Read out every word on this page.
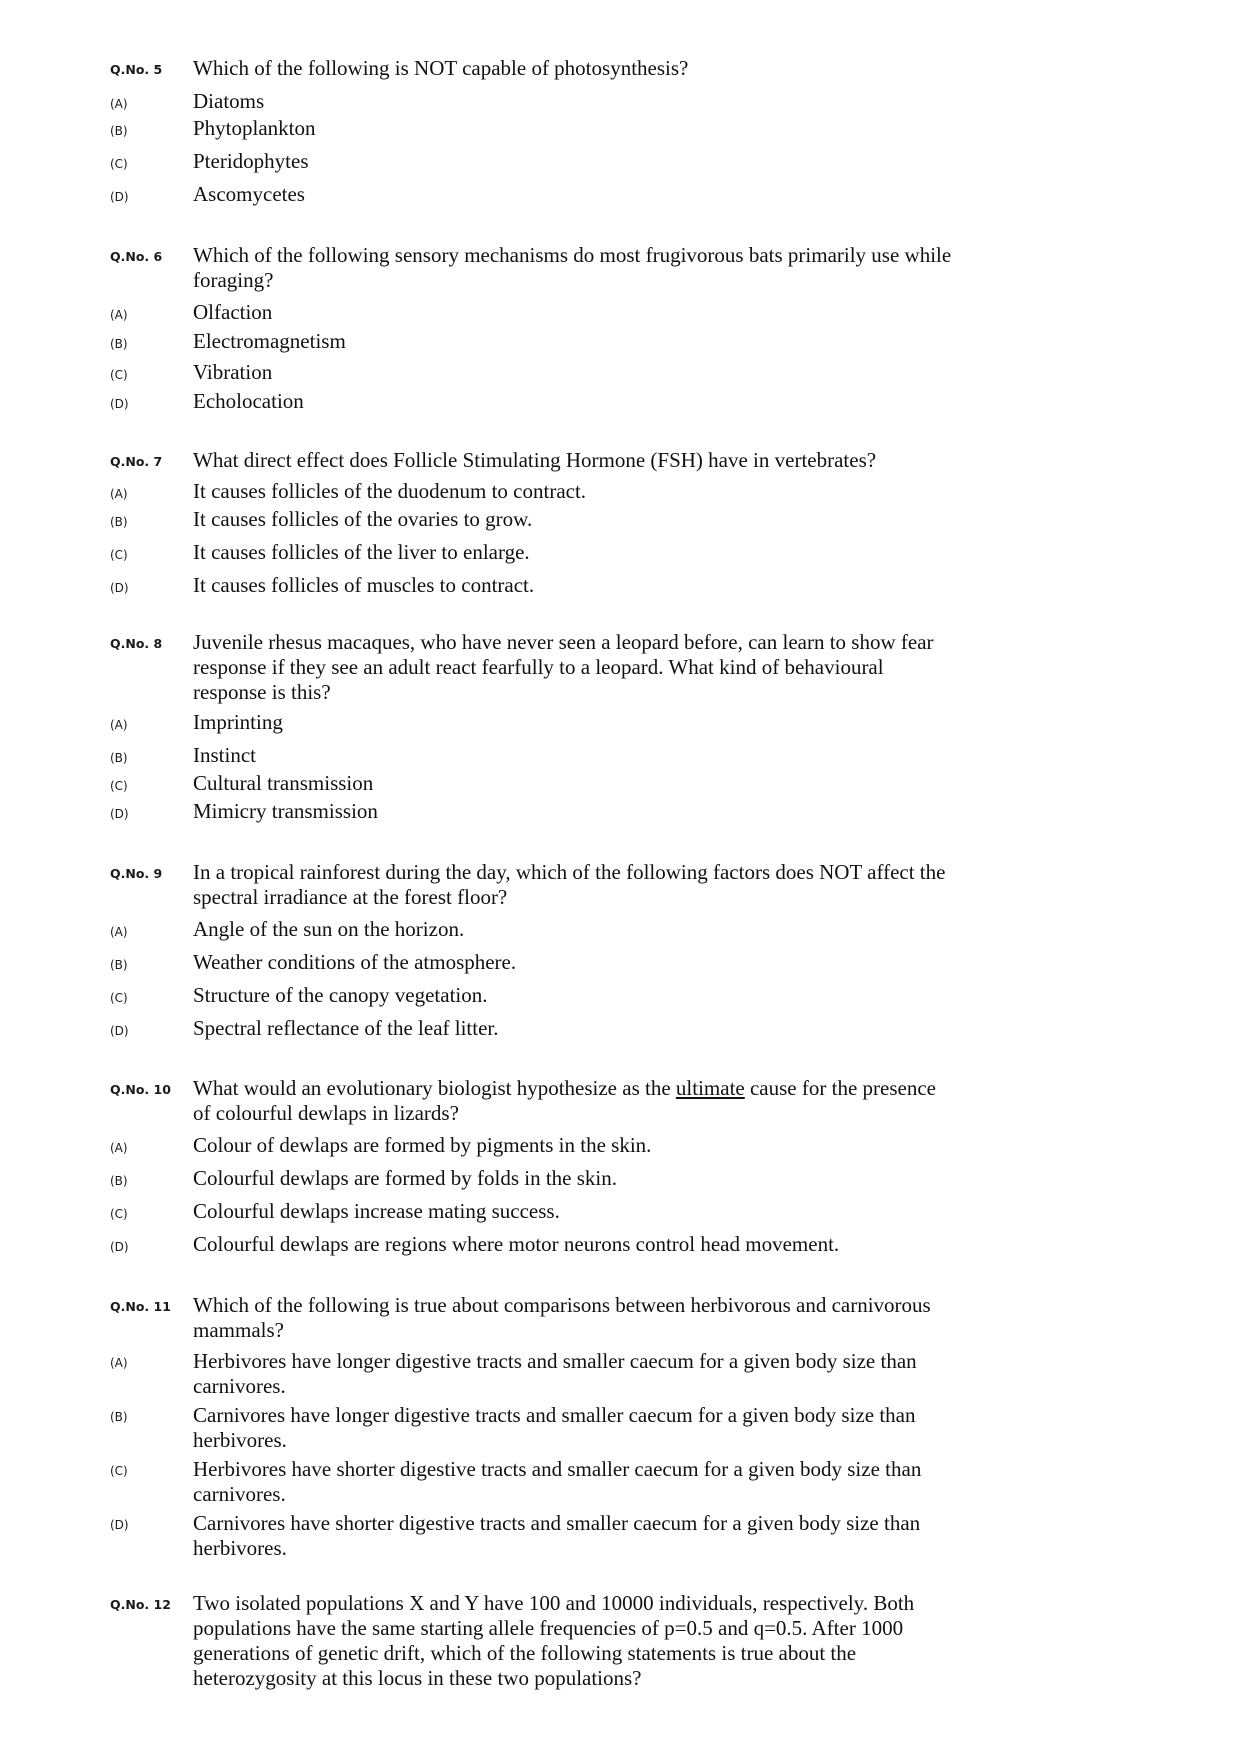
Q.No. 5 Which of the following is NOT capable of photosynthesis?
(A)	Diatoms
(B)	Phytoplankton
(C)	Pteridophytes
(D)	Ascomycetes
Q.No. 6 Which of the following sensory mechanisms do most frugivorous bats primarily use while foraging?
(A)	Olfaction
(B)	Electromagnetism
(C)	Vibration
(D)	Echolocation
Q.No. 7 What direct effect does Follicle Stimulating Hormone (FSH) have in vertebrates?
(A)	It causes follicles of the duodenum to contract.
(B)	It causes follicles of the ovaries to grow.
(C)	It causes follicles of the liver to enlarge.
(D)	It causes follicles of muscles to contract.
Q.No. 8 Juvenile rhesus macaques, who have never seen a leopard before, can learn to show fear response if they see an adult react fearfully to a leopard. What kind of behavioural response is this?
(A)	Imprinting
(B)	Instinct
(C)	Cultural transmission
(D)	Mimicry transmission
Q.No. 9 In a tropical rainforest during the day, which of the following factors does NOT affect the spectral irradiance at the forest floor?
(A)	Angle of the sun on the horizon.
(B)	Weather conditions of the atmosphere.
(C)	Structure of the canopy vegetation.
(D)	Spectral reflectance of the leaf litter.
Q.No. 10 What would an evolutionary biologist hypothesize as the ultimate cause for the presence of colourful dewlaps in lizards?
(A)	Colour of dewlaps are formed by pigments in the skin.
(B)	Colourful dewlaps are formed by folds in the skin.
(C)	Colourful dewlaps increase mating success.
(D)	Colourful dewlaps are regions where motor neurons control head movement.
Q.No. 11 Which of the following is true about comparisons between herbivorous and carnivorous mammals?
(A)	Herbivores have longer digestive tracts and smaller caecum for a given body size than carnivores.
(B)	Carnivores have longer digestive tracts and smaller caecum for a given body size than herbivores.
(C)	Herbivores have shorter digestive tracts and smaller caecum for a given body size than carnivores.
(D)	Carnivores have shorter digestive tracts and smaller caecum for a given body size than herbivores.
Q.No. 12 Two isolated populations X and Y have 100 and 10000 individuals, respectively. Both populations have the same starting allele frequencies of p=0.5 and q=0.5. After 1000 generations of genetic drift, which of the following statements is true about the heterozygosity at this locus in these two populations?
